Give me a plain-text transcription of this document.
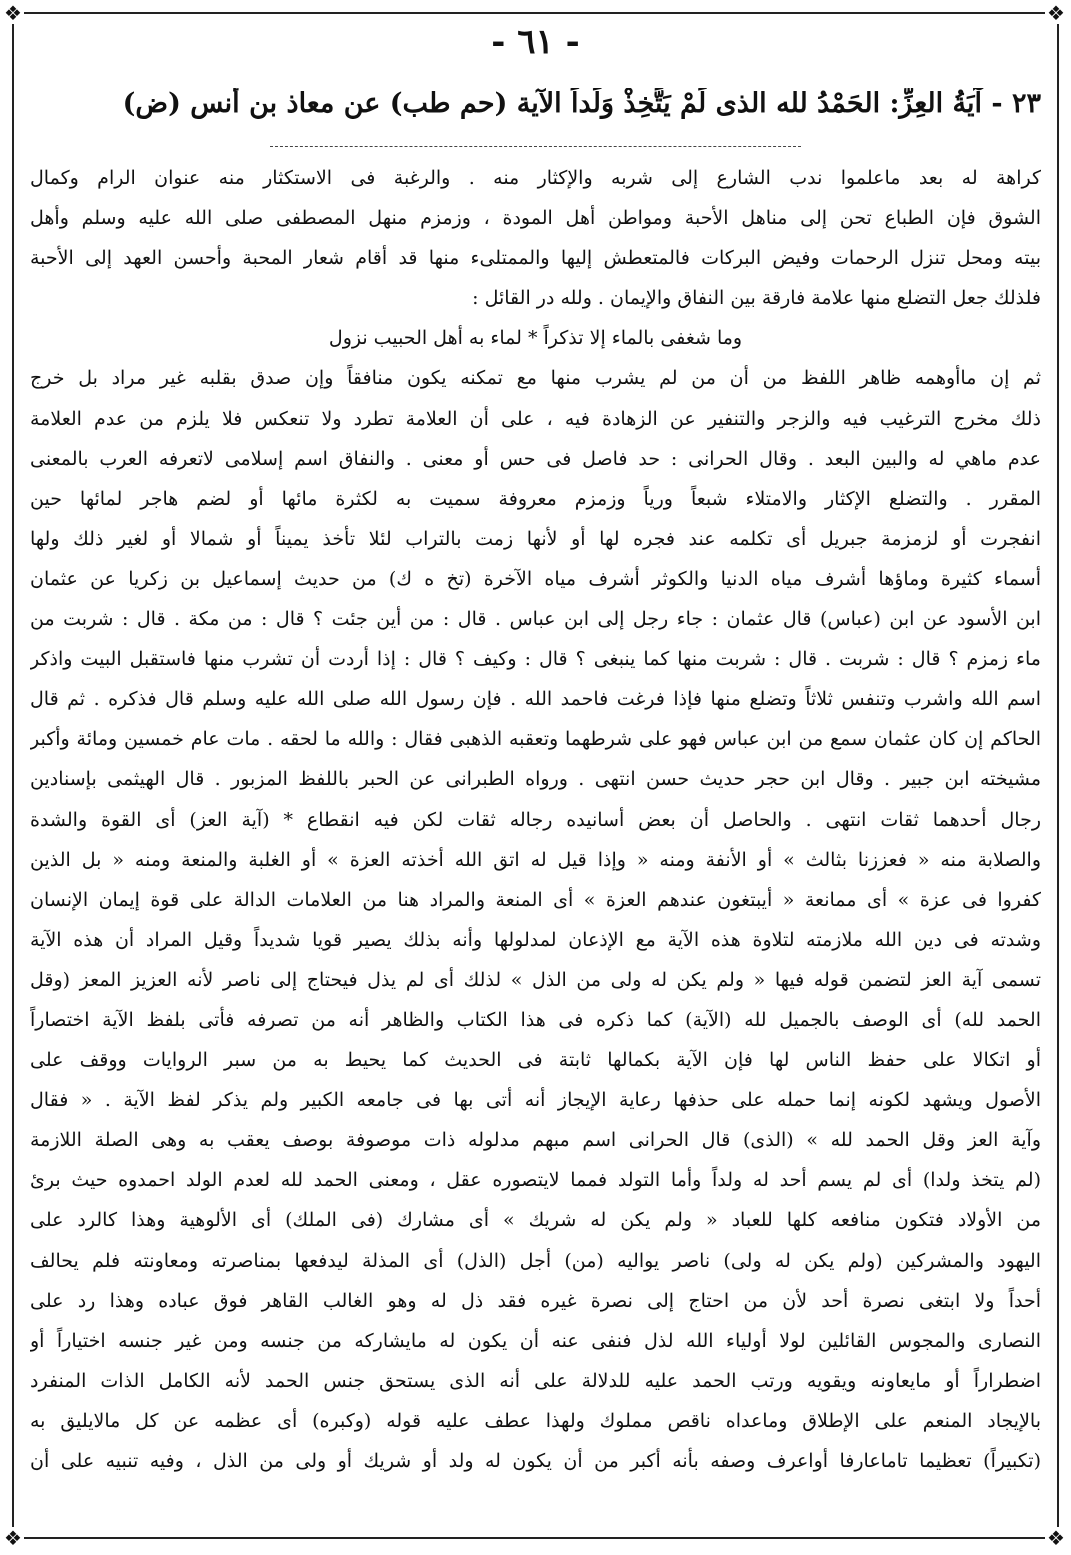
❖	❖
❖	❖
- ٦١ -
٢٣ - آيَةُ العِزِّ: الحَمْدُ لله الذى لَمْ يَتَّخِذْ وَلَداً الآية (حم طب) عن معاذ بن أنس (ض)
كراهة له بعد ماعلموا ندب الشارع إلى شربه والإكثار منه . والرغبة فى الاستكثار منه عنوان الرام وكمال
الشوق فإن الطباع تحن إلى مناهل الأحبة ومواطن أهل المودة ، وزمزم منهل المصطفى صلى الله عليه وسلم وأهل
بيته ومحل تنزل الرحمات وفيض البركات فالمتعطش إليها والممتلىء منها قد أقام شعار المحبة وأحسن العهد إلى الأحبة
فلذلك جعل التضلع منها علامة فارقة بين النفاق والإيمان . ولله در القائل :
وما شغفى بالماء إلا تذكراً * لماء به أهل الحبيب نزول
ثم إن ماأوهمه ظاهر اللفظ من أن من لم يشرب منها مع تمكنه يكون منافقاً وإن صدق بقلبه غير مراد بل خرج
ذلك مخرج الترغيب فيه والزجر والتنفير عن الزهادة فيه ، على أن العلامة تطرد ولا تنعكس فلا يلزم من عدم العلامة
عدم ماهي له والبين البعد . وقال الحرانى : حد فاصل فى حس أو معنى . والنفاق اسم إسلامى لاتعرفه العرب بالمعنى
المقرر . والتضلع الإكثار والامتلاء شبعاً ورياً وزمزم معروفة سميت به لكثرة مائها أو لضم هاجر لمائها حين
انفجرت أو لزمزمة جبريل أى تكلمه عند فجره لها أو لأنها زمت بالتراب لئلا تأخذ يميناً أو شمالا أو لغير ذلك ولها
أسماء كثيرة وماؤها أشرف مياه الدنيا والكوثر أشرف مياه الآخرة (تخ ه ك) من حديث إسماعيل بن زكريا عن عثمان
ابن الأسود عن ابن (عباس) قال عثمان : جاء رجل إلى ابن عباس . قال : من أين جئت ؟ قال : من مكة . قال : شربت من
ماء زمزم ؟ قال : شربت . قال : شربت منها كما ينبغى ؟ قال : وكيف ؟ قال : إذا أردت أن تشرب منها فاستقبل البيت واذكر
اسم الله واشرب وتنفس ثلاثاً وتضلع منها فإذا فرغت فاحمد الله . فإن رسول الله صلى الله عليه وسلم قال فذكره . ثم قال
الحاكم إن كان عثمان سمع من ابن عباس فهو على شرطهما وتعقبه الذهبى فقال : والله ما لحقه . مات عام خمسين ومائة وأكبر
مشيخته ابن جبير . وقال ابن حجر حديث حسن انتهى . ورواه الطبرانى عن الحبر باللفظ المزبور . قال الهيثمى بإسنادين
رجال أحدهما ثقات انتهى . والحاصل أن بعض أسانيده رجاله ثقات لكن فيه انقطاع * (آية العز) أى القوة والشدة
والصلابة منه « فعززنا بثالث » أو الأنفة ومنه « وإذا قيل له اتق الله أخذته العزة » أو الغلبة والمنعة ومنه « بل الذين
كفروا فى عزة » أى ممانعة « أيبتغون عندهم العزة » أى المنعة والمراد هنا من العلامات الدالة على قوة إيمان الإنسان
وشدته فى دين الله ملازمته لتلاوة هذه الآية مع الإذعان لمدلولها وأنه بذلك يصير قويا شديداً وقيل المراد أن هذه الآية
تسمى آية العز لتضمن قوله فيها « ولم يكن له ولى من الذل » لذلك أى لم يذل فيحتاج إلى ناصر لأنه العزيز المعز (وقل
الحمد لله) أى الوصف بالجميل لله (الآية) كما ذكره فى هذا الكتاب والظاهر أنه من تصرفه فأتى بلفظ الآية اختصاراً
أو اتكالا على حفظ الناس لها فإن الآية بكمالها ثابتة فى الحديث كما يحيط به من سبر الروايات ووقف على
الأصول ويشهد لكونه إنما حمله على حذفها رعاية الإيجاز أنه أتى بها فى جامعه الكبير ولم يذكر لفظ الآية . « فقال
وآية العز وقل الحمد لله » (الذى) قال الحرانى اسم مبهم مدلوله ذات موصوفة بوصف يعقب به وهى الصلة اللازمة
(لم يتخذ ولدا) أى لم يسم أحد له ولداً وأما التولد فمما لايتصوره عقل ، ومعنى الحمد لله لعدم الولد احمدوه حيث برئ
من الأولاد فتكون منافعه كلها للعباد « ولم يكن له شريك » أى مشارك (فى الملك) أى الألوهية وهذا كالرد على
اليهود والمشركين (ولم يكن له ولى) ناصر يواليه (من) أجل (الذل) أى المذلة ليدفعها بمناصرته ومعاونته فلم يحالف
أحداً ولا ابتغى نصرة أحد لأن من احتاج إلى نصرة غيره فقد ذل له وهو الغالب القاهر فوق عباده وهذا رد على
النصارى والمجوس القائلين لولا أولياء الله لذل فنفى عنه أن يكون له مايشاركه من جنسه ومن غير جنسه اختياراً أو
اضطراراً أو مايعاونه ويقويه ورتب الحمد عليه للدلالة على أنه الذى يستحق جنس الحمد لأنه الكامل الذات المنفرد
بالإيجاد المنعم على الإطلاق وماعداه ناقص مملوك ولهذا عطف عليه قوله (وكبره) أى عظمه عن كل مالايليق به
(تكبيراً) تعظيما تاماعارفا أواعرف وصفه بأنه أكبر من أن يكون له ولد أو شريك أو ولى من الذل ، وفيه تنبيه على أن
